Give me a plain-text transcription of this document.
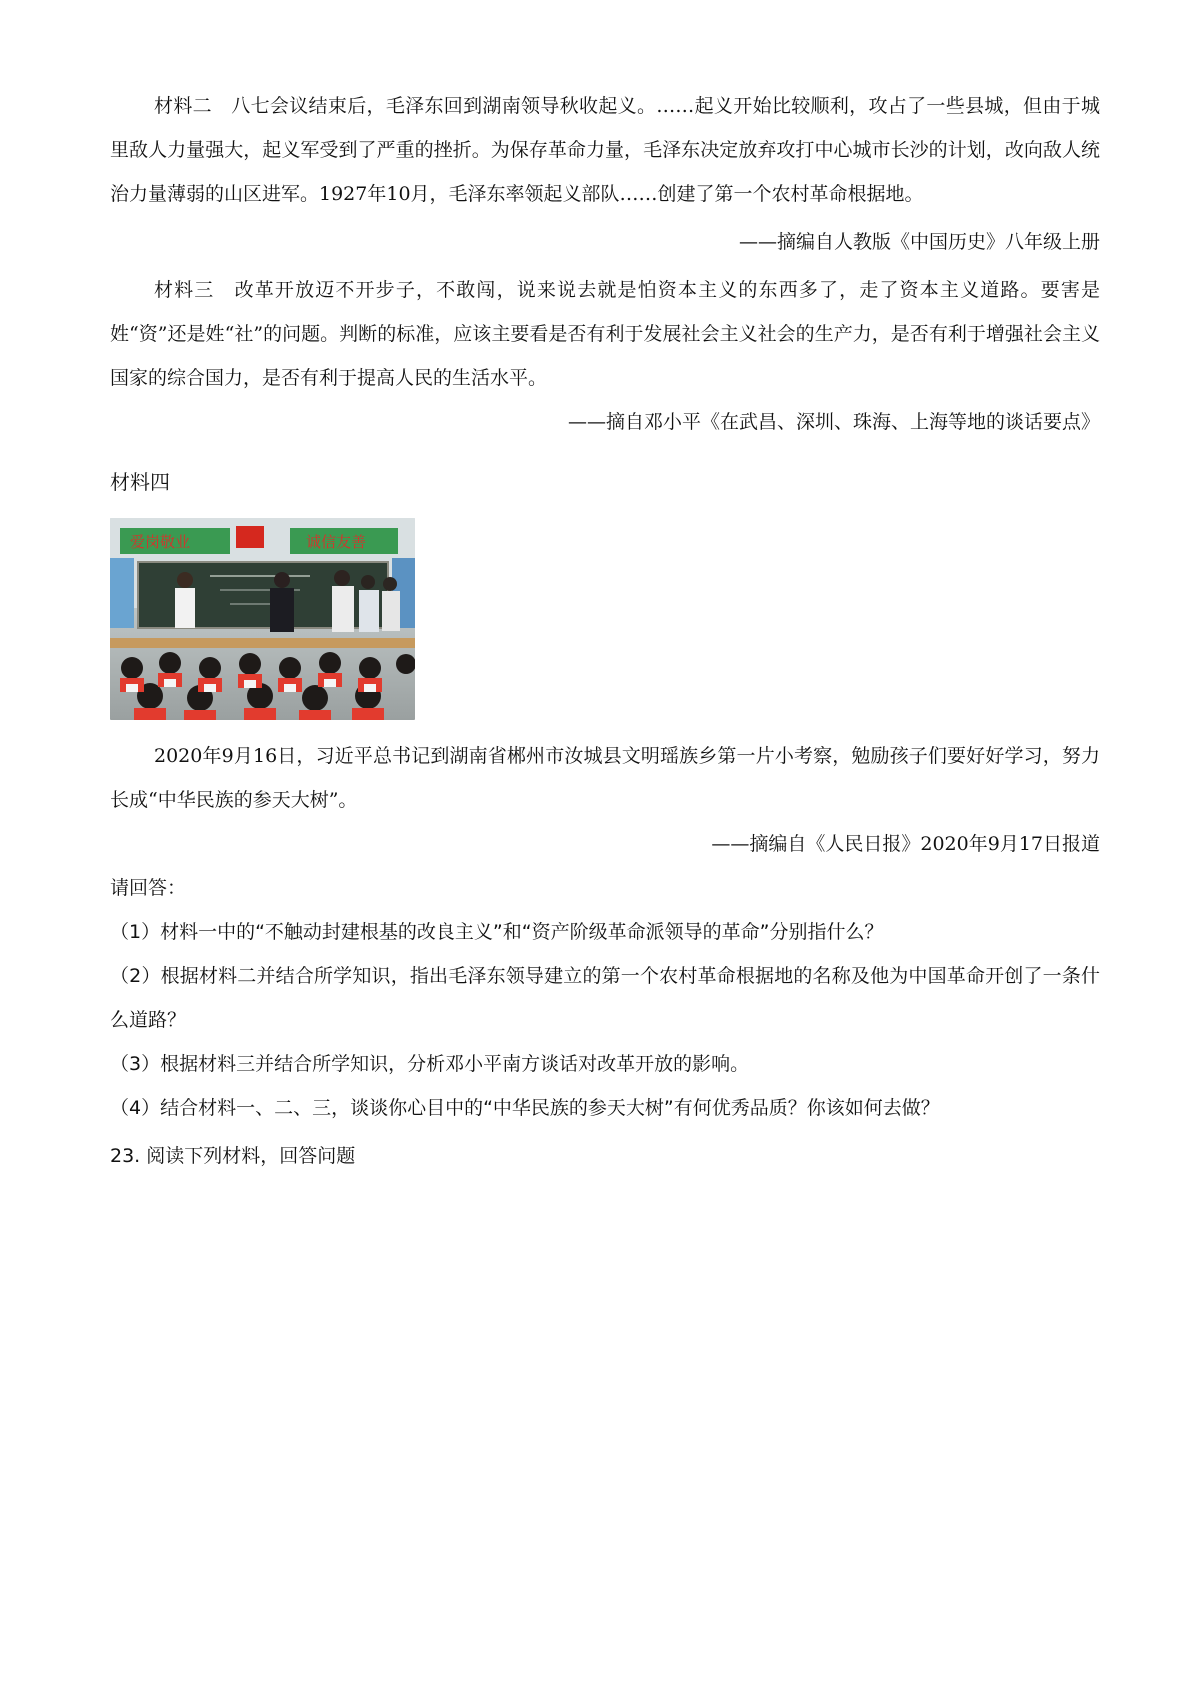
材料二　八七会议结束后，毛泽东回到湖南领导秋收起义。……起义开始比较顺利，攻占了一些县城，但由于城里敌人力量强大，起义军受到了严重的挫折。为保存革命力量，毛泽东决定放弃攻打中心城市长沙的计划，改向敌人统治力量薄弱的山区进军。1927年10月，毛泽东率领起义部队……创建了第一个农村革命根据地。

——摘编自人教版《中国历史》八年级上册

材料三　改革开放迈不开步子，不敢闯，说来说去就是怕资本主义的东西多了，走了资本主义道路。要害是姓“资”还是姓“社”的问题。判断的标准，应该主要看是否有利于发展社会主义社会的生产力，是否有利于增强社会主义国家的综合国力，是否有利于提高人民的生活水平。

——摘自邓小平《在武昌、深圳、珠海、上海等地的谈话要点》

材料四

爱岗敬业	诚信友善

2020年9月16日，习近平总书记到湖南省郴州市汝城县文明瑶族乡第一片小考察，勉励孩子们要好好学习，努力长成“中华民族的参天大树”。

——摘编自《人民日报》2020年9月17日报道

请回答：

（1）材料一中的“不触动封建根基的改良主义”和“资产阶级革命派领导的革命”分别指什么？

（2）根据材料二并结合所学知识，指出毛泽东领导建立的第一个农村革命根据地的名称及他为中国革命开创了一条什么道路？

（3）根据材料三并结合所学知识，分析邓小平南方谈话对改革开放的影响。

（4）结合材料一、二、三，谈谈你心目中的“中华民族的参天大树”有何优秀品质？你该如何去做？

23. 阅读下列材料，回答问题
